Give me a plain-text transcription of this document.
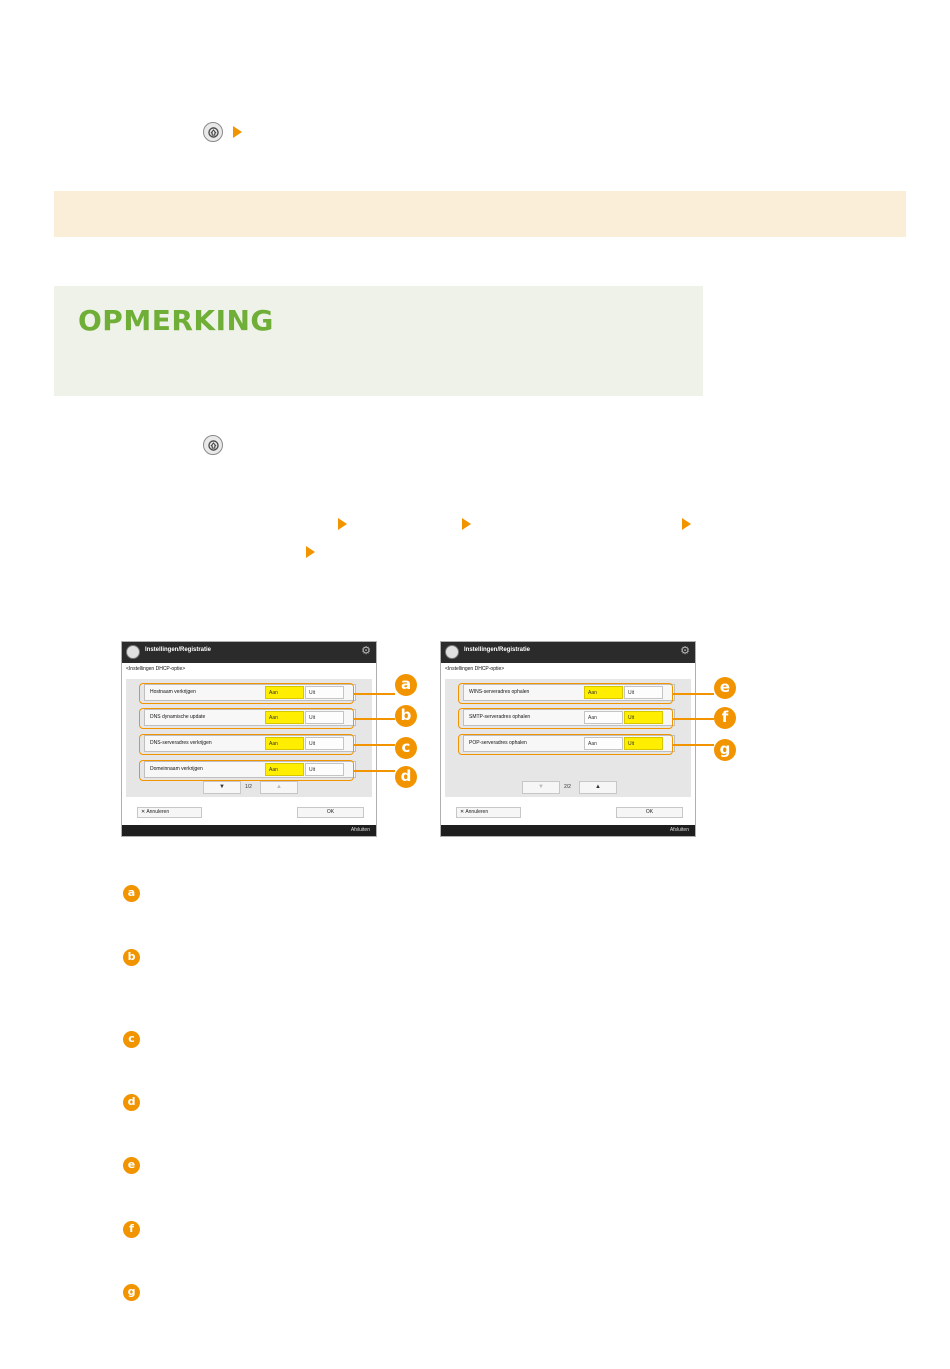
OPMERKING
Instellingen/Registratie	⚙
<Instellingen DHCP-optie>
Hostnaam verkrijgen	Aan	Uit
DNS dynamische update	Aan	Uit
DNS-serveradres verkrijgen	Aan	Uit
Domeinnaam verkrijgen	Aan	Uit
▼	1/2	▲
✕ Annuleren	OK
Afsluiten
a
b
c
d
Instellingen/Registratie	⚙
<Instellingen DHCP-optie>
WINS-serveradres ophalen	Aan	Uit
SMTP-serveradres ophalen	Aan	Uit
POP-serveradres ophalen	Aan	Uit
▼	2/2	▲
✕ Annuleren	OK
Afsluiten
e
f
g
a
b
c
d
e
f
g
